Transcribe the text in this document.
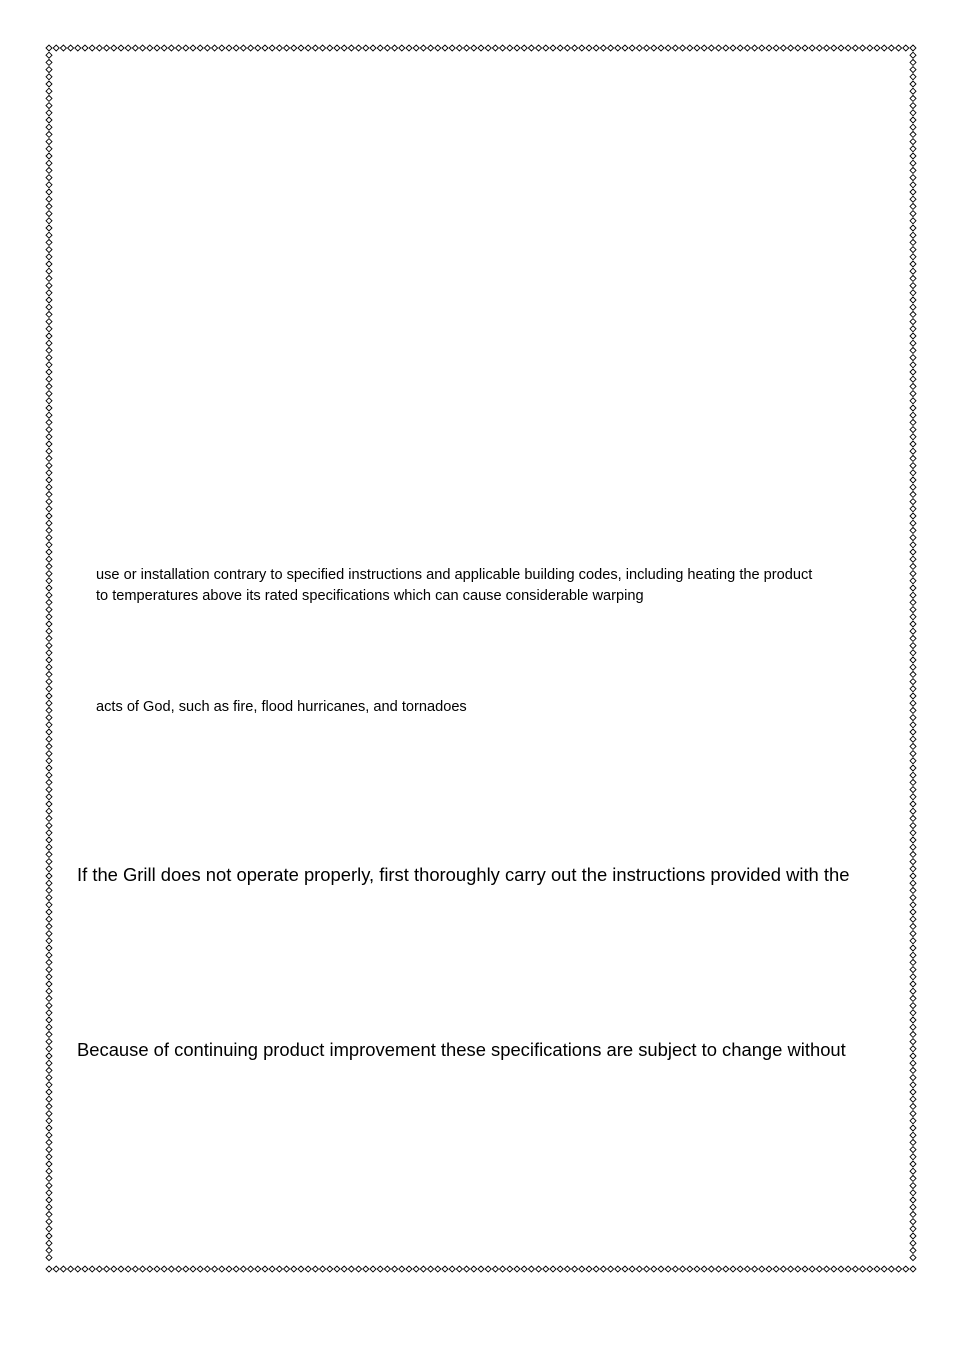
use or installation contrary to specified instructions and applicable building codes, including heating the product

to temperatures above its rated specifications which can cause considerable warping

acts of God, such as fire, flood hurricanes, and tornadoes

If the Grill does not operate properly, first thoroughly carry out the instructions provided with the

Because of continuing product improvement these specifications are subject to change without
